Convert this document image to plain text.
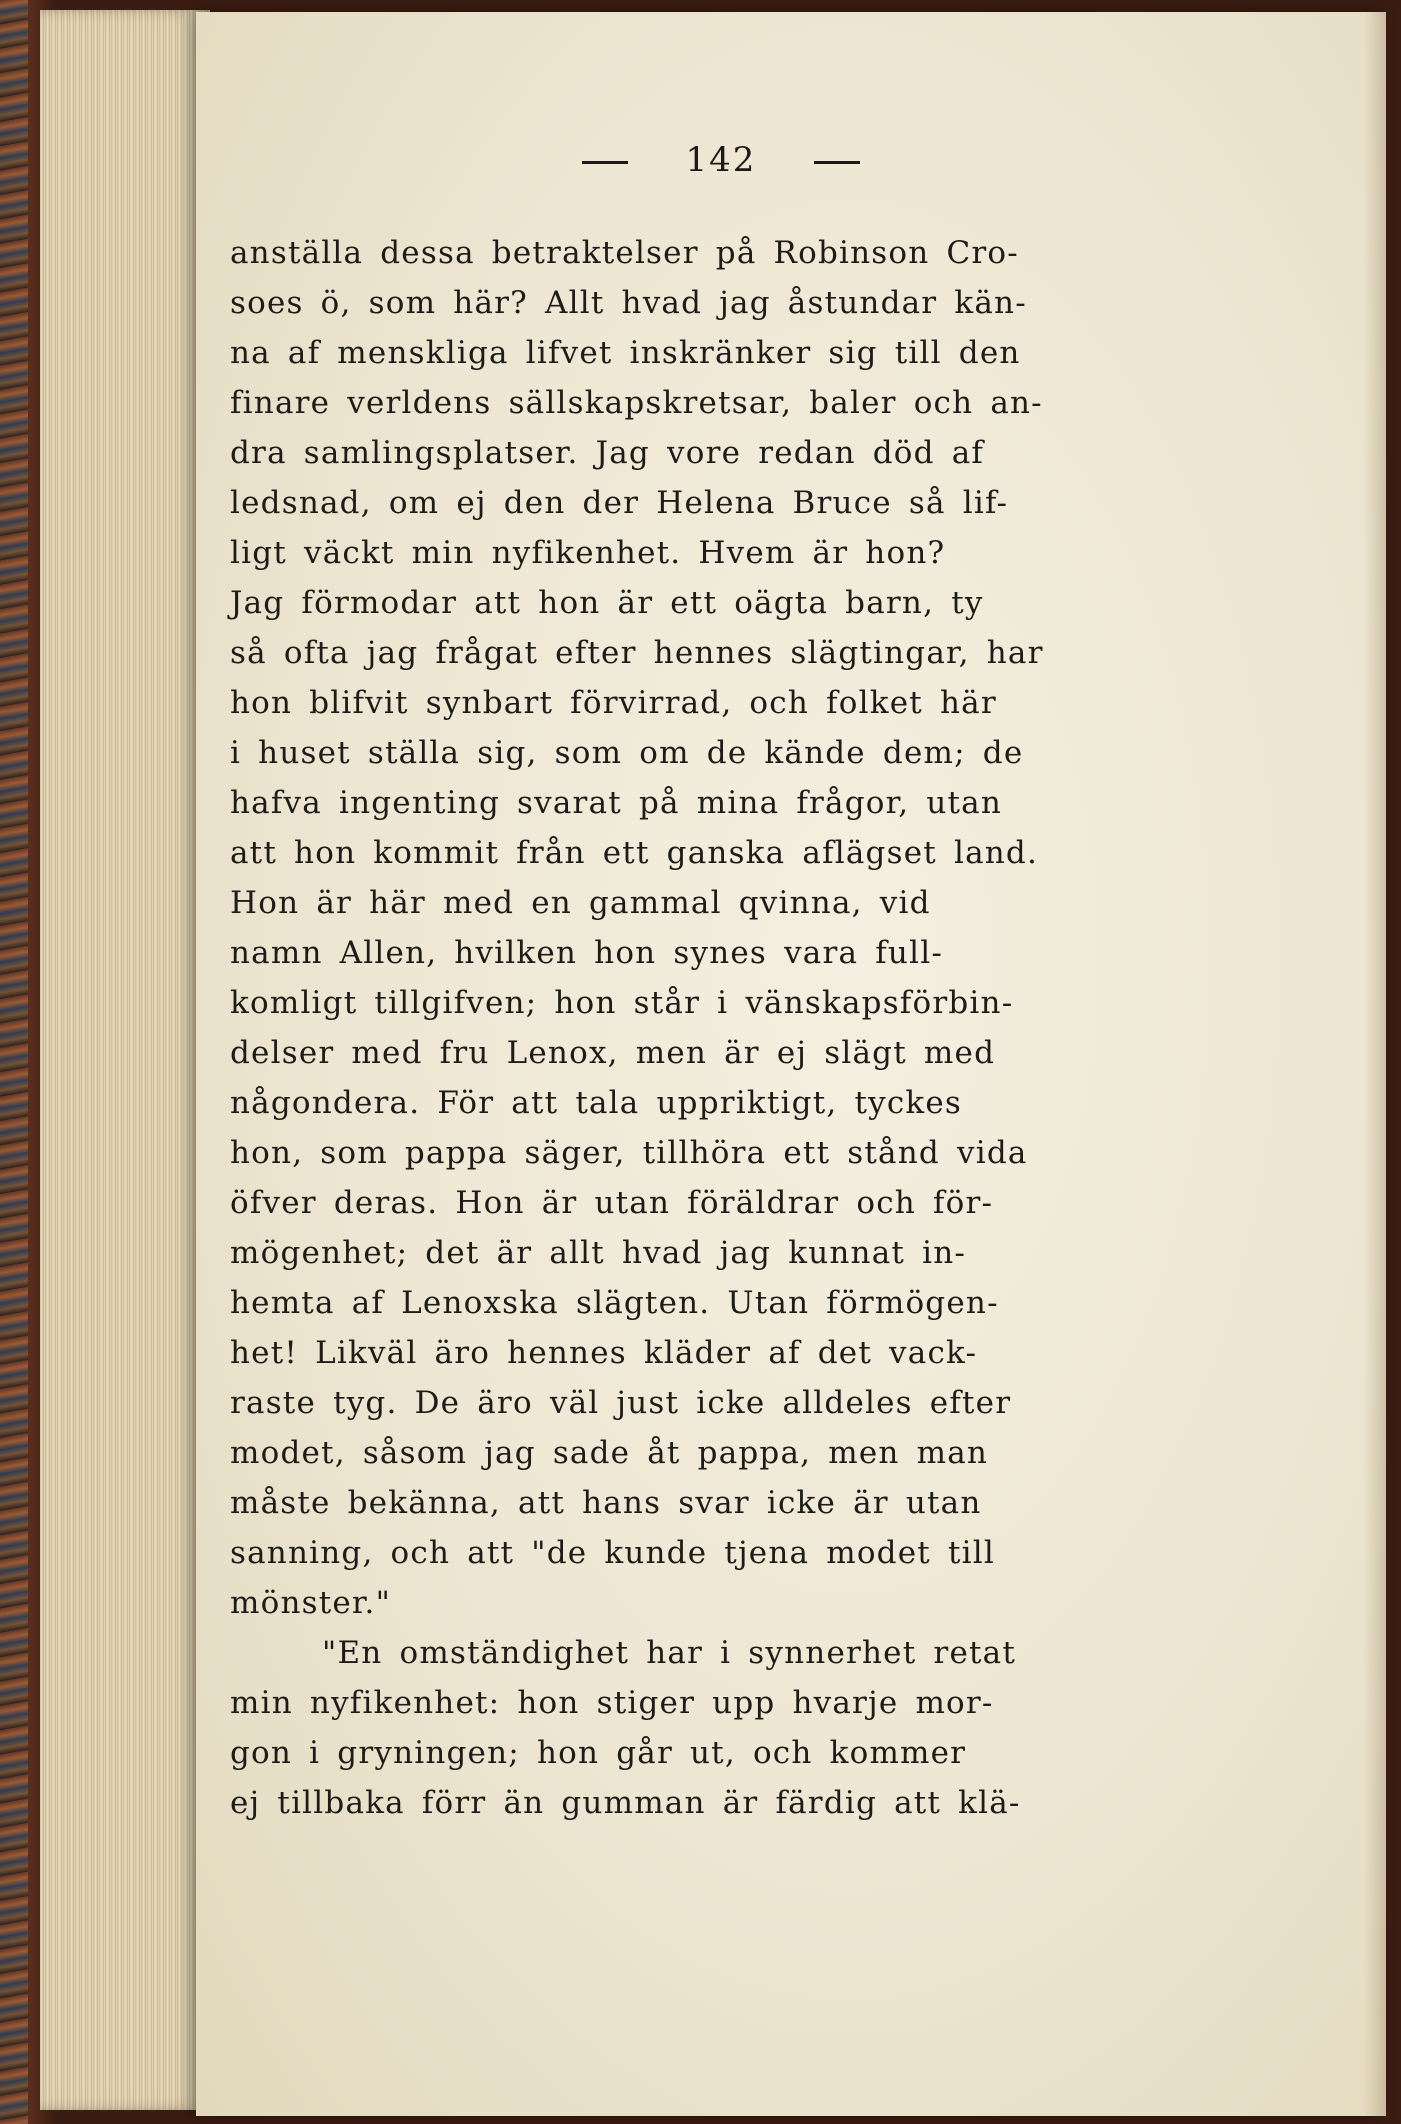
142
anställa dessa betraktelser på Robinson Cro-
soes ö, som här? Allt hvad jag åstundar kän-
na af menskliga lifvet inskränker sig till den
finare verldens sällskapskretsar, baler och an-
dra samlingsplatser. Jag vore redan död af
ledsnad, om ej den der Helena Bruce så lif-
ligt väckt min nyfikenhet. Hvem är hon?
Jag förmodar att hon är ett oägta barn, ty
så ofta jag frågat efter hennes slägtingar, har
hon blifvit synbart förvirrad, och folket här
i huset ställa sig, som om de kände dem; de
hafva ingenting svarat på mina frågor, utan
att hon kommit från ett ganska aflägset land.
Hon är här med en gammal qvinna, vid
namn Allen, hvilken hon synes vara full-
komligt tillgifven; hon står i vänskapsförbin-
delser med fru Lenox, men är ej slägt med
någondera. För att tala uppriktigt, tyckes
hon, som pappa säger, tillhöra ett stånd vida
öfver deras. Hon är utan föräldrar och för-
mögenhet; det är allt hvad jag kunnat in-
hemta af Lenoxska slägten. Utan förmögen-
het! Likväl äro hennes kläder af det vack-
raste tyg. De äro väl just icke alldeles efter
modet, såsom jag sade åt pappa, men man
måste bekänna, att hans svar icke är utan
sanning, och att "de kunde tjena modet till
mönster."
"En omständighet har i synnerhet retat
min nyfikenhet: hon stiger upp hvarje mor-
gon i gryningen; hon går ut, och kommer
ej tillbaka förr än gumman är färdig att klä-
